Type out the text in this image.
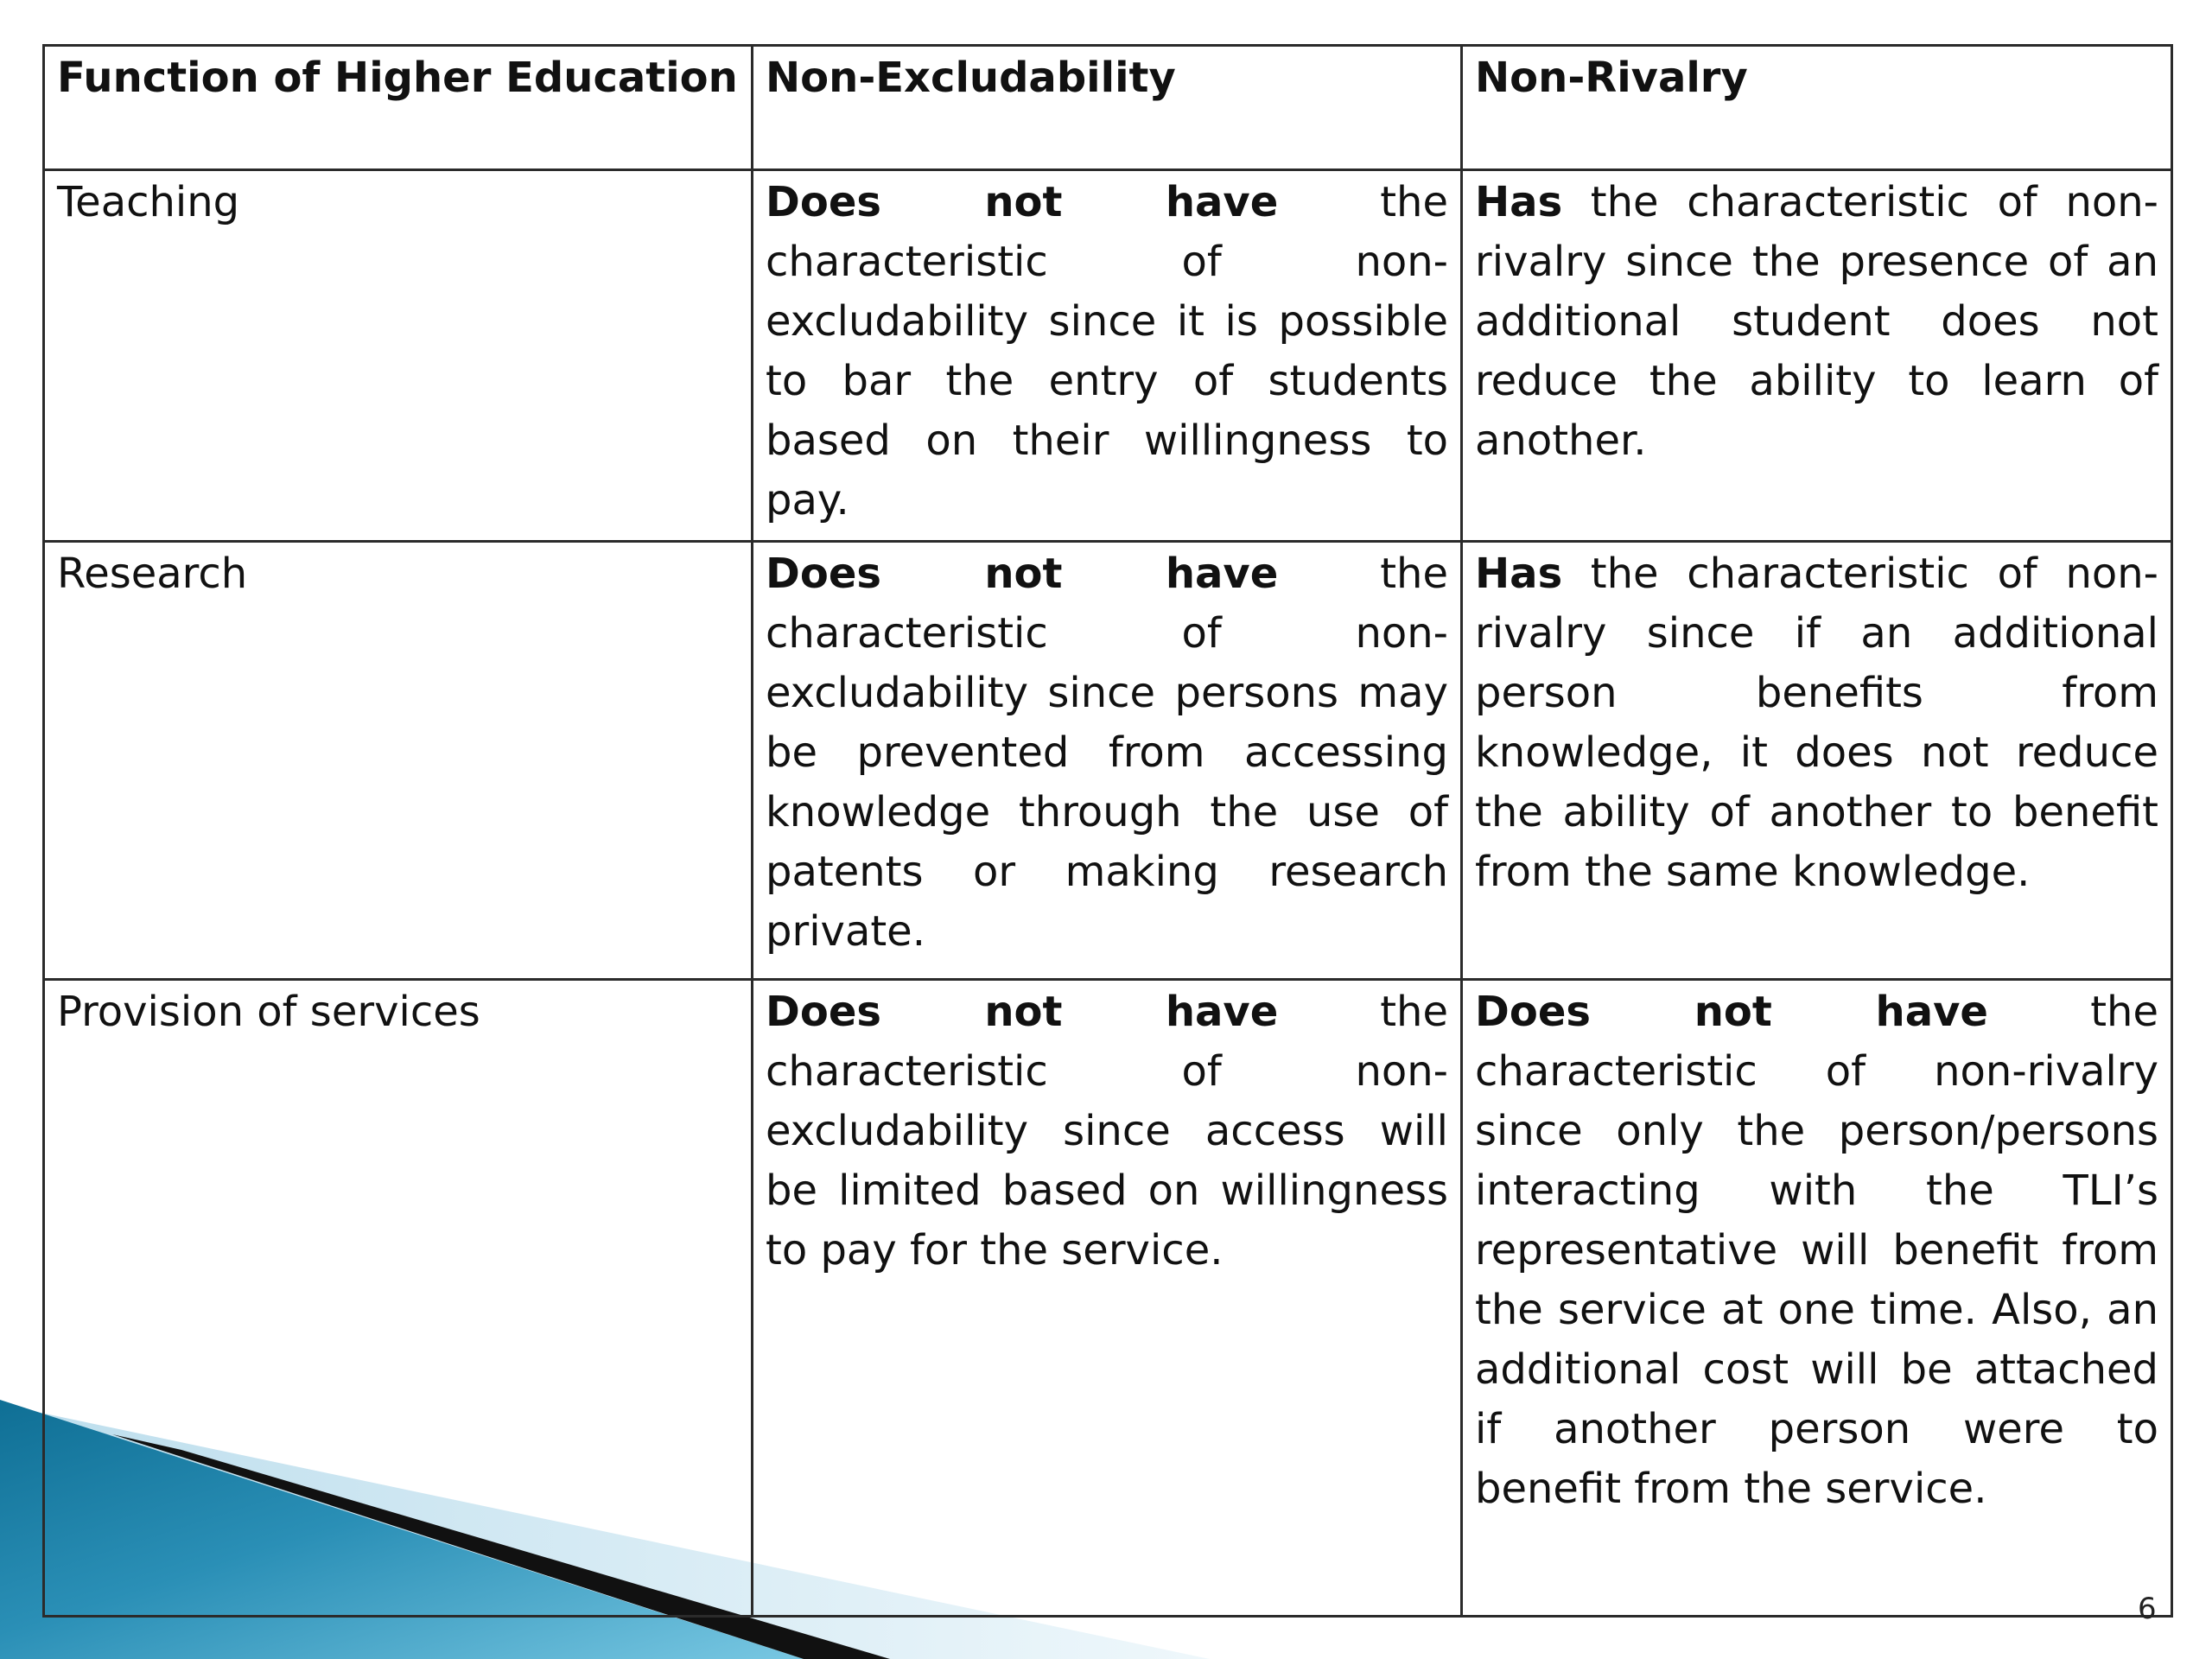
Function of Higher Education	Non-Excludability	Non-Rivalry
Teaching	Does not have the characteristic of non-excludability since it is possible to bar the entry of students based on their willingness to pay.	Has the characteristic of non-rivalry since the presence of an additional student does not reduce the ability to learn of another.
Research	Does not have the characteristic of non-excludability since persons may be prevented from accessing knowledge through the use of patents or making research private.	Has the characteristic of non-rivalry since if an additional person benefits from knowledge, it does not reduce the ability of another to benefit from the same knowledge.
Provision of services	Does not have the characteristic of non-excludability since access will be limited based on willingness to pay for the service.	Does not have the characteristic of non-rivalry since only the person/persons interacting with the TLI’s representative will benefit from the service at one time. Also, an additional cost will be attached if another person were to benefit from the service.
6
